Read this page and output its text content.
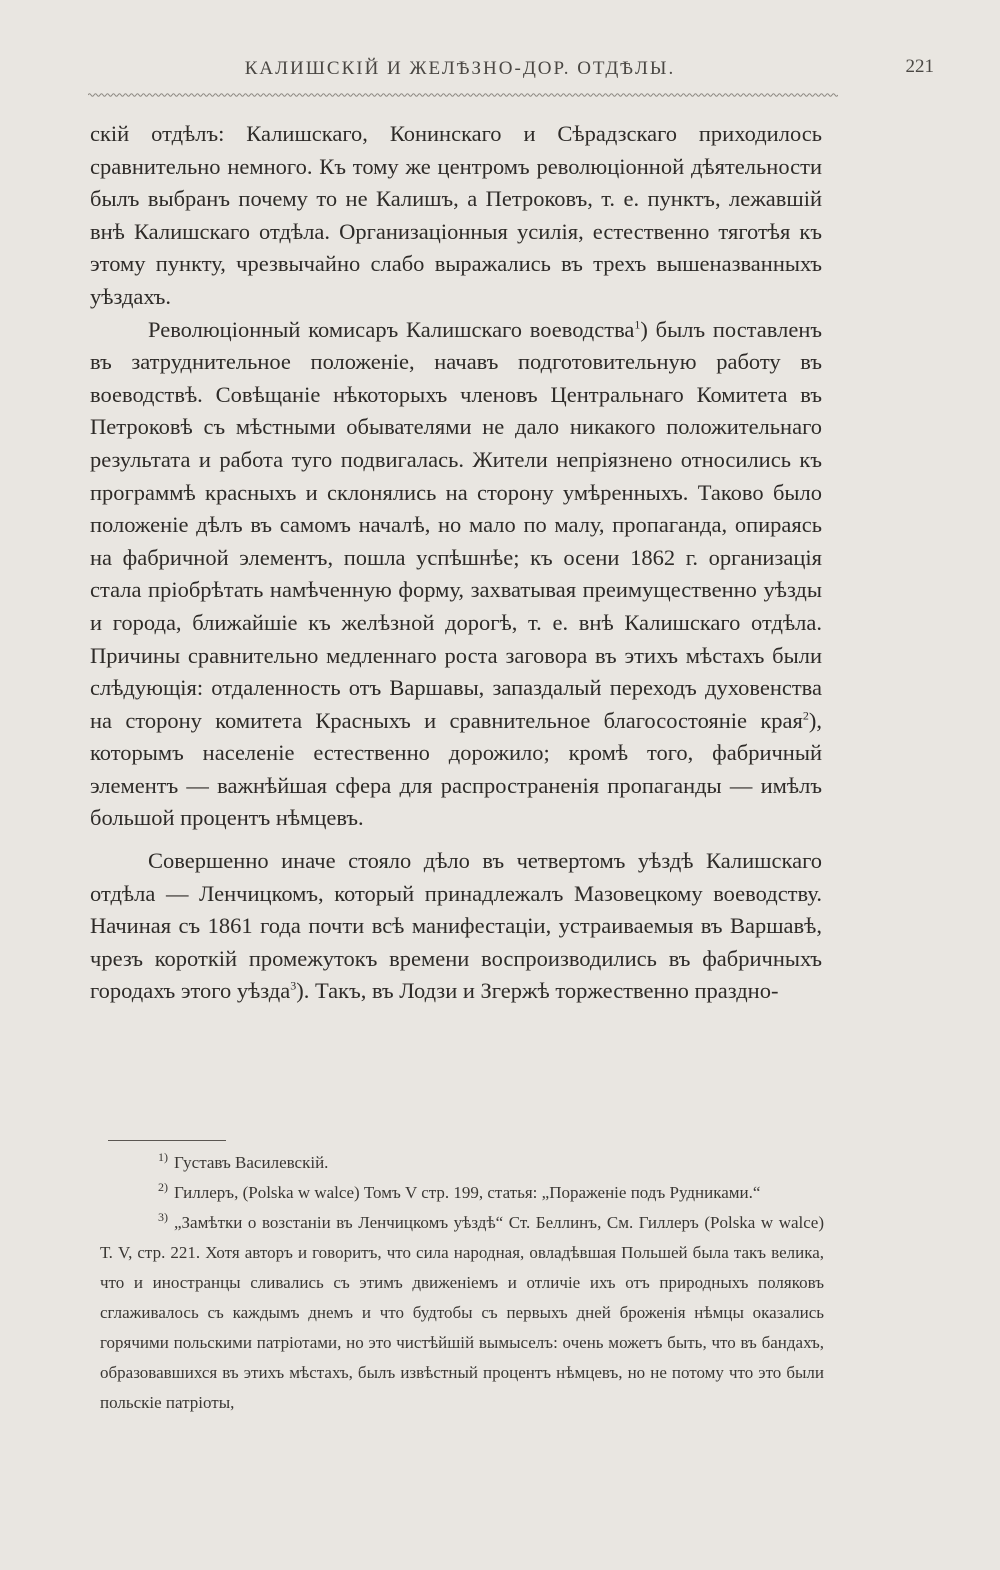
КАЛИШСКІЙ И ЖЕЛѢЗНО-ДОР. ОТДѢЛЫ.	221

скій отдѣлъ: Калишскаго, Конинскаго и Сѣрадзскаго приходилось сравнительно немного. Къ тому же центромъ революціонной дѣятельности былъ выбранъ почему то не Калишъ, а Петроковъ, т. е. пунктъ, лежавшій внѣ Калишскаго отдѣла. Организаціонныя усилія, естественно тяготѣя къ этому пункту, чрезвычайно слабо выражались въ трехъ вышеназванныхъ уѣздахъ.

Революціонный комисаръ Калишскаго воеводства$^1$) былъ поставленъ въ затруднительное положеніе, начавъ подготовительную работу въ воеводствѣ. Совѣщаніе нѣкоторыхъ членовъ Центральнаго Комитета въ Петроковѣ съ мѣстными обывателями не дало никакого положительнаго результата и работа туго подвигалась. Жители непріязнено относились къ программѣ красныхъ и склонялись на сторону умѣренныхъ. Таково было положеніе дѣлъ въ самомъ началѣ, но мало по малу, пропаганда, опираясь на фабричной элементъ, пошла успѣшнѣе; къ осени 1862 г. организація стала пріобрѣтать намѣченную форму, захватывая преимущественно уѣзды и города, ближайшіе къ желѣзной дорогѣ, т. е. внѣ Калишскаго отдѣла. Причины сравнительно медленнаго роста заговора въ этихъ мѣстахъ были слѣдующія: отдаленность отъ Варшавы, запаздалый переходъ духовенства на сторону комитета Красныхъ и сравнительное благосостояніе края$^2$), которымъ населеніе естественно дорожило; кромѣ того, фабричный элементъ — важнѣйшая сфера для распространенія пропаганды — имѣлъ большой процентъ нѣмцевъ.

Совершенно иначе стояло дѣло въ четвертомъ уѣздѣ Калишскаго отдѣла — Ленчицкомъ, который принадлежалъ Мазовецкому воеводству. Начиная съ 1861 года почти всѣ манифестаціи, устраиваемыя въ Варшавѣ, чрезъ короткій промежутокъ времени воспроизводились въ фабричныхъ городахъ этого уѣзда$^3$). Такъ, въ Лодзи и Згержѣ торжественно праздно-

$^{1)}$ Густавъ Василевскій.

$^{2)}$ Гиллеръ, (Polska w walce) Томъ V стр. 199, статья: „Пораженіе подъ Рудниками.“

$^{3)}$ „Замѣтки о возстаніи въ Ленчицкомъ уѣздѣ“ Ст. Беллинъ, См. Гиллеръ (Polska w walce) Т. V, стр. 221. Хотя авторъ и говоритъ, что сила народная, овладѣвшая Польшей была такъ велика, что и иностранцы сливались съ этимъ движеніемъ и отличіе ихъ отъ природныхъ поляковъ сглаживалось съ каждымъ днемъ и что будтобы съ первыхъ дней броженія нѣмцы оказались горячими польскими патріотами, но это чистѣйшій вымыселъ: очень можетъ быть, что въ бандахъ, образовавшихся въ этихъ мѣстахъ, былъ извѣстный процентъ нѣмцевъ, но не потому что это были польскіе патріоты,
